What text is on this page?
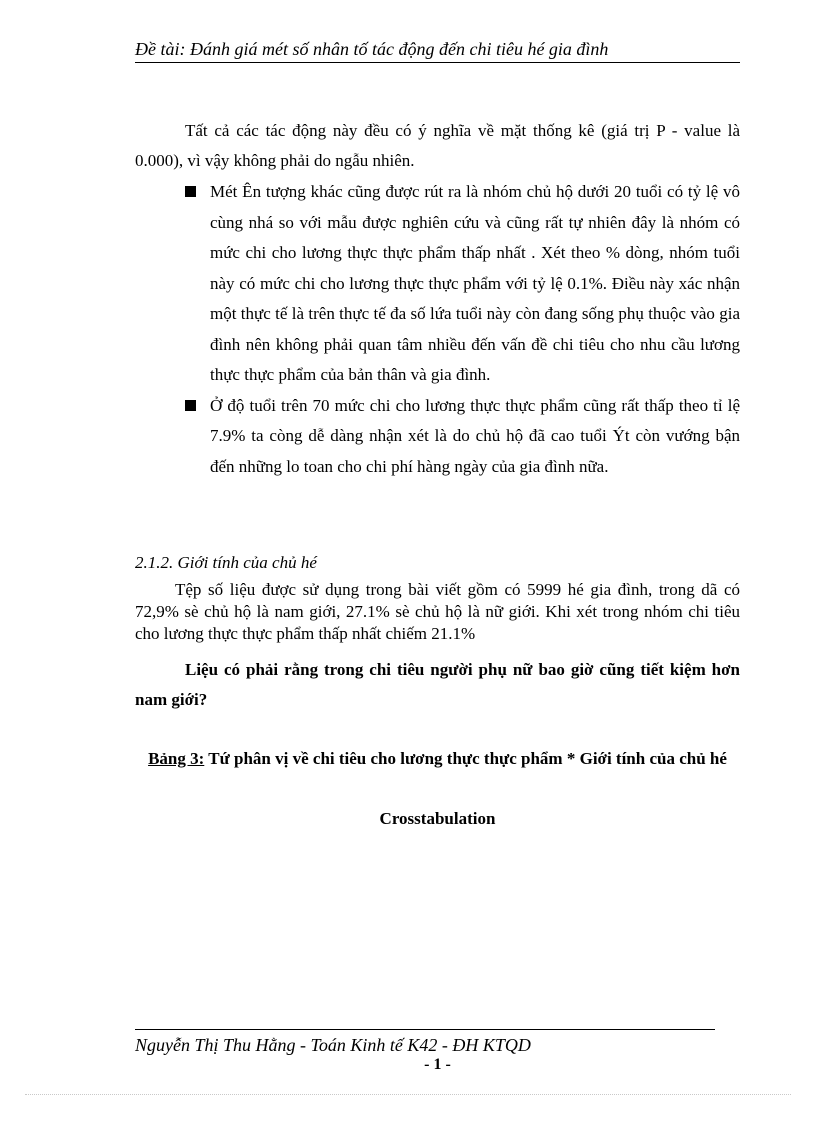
Đề tài: Đánh giá mét số nhân tố tác động đến chi tiêu hé gia đình
Tất cả các tác động này đều có ý nghĩa về mặt thống kê (giá trị P - value là 0.000), vì vậy không phải do ngẫu nhiên.
Mét Ên tượng khác cũng được rút ra là nhóm chủ hộ dưới 20 tuổi có tỷ lệ vô cùng nhá so với mẫu được nghiên cứu và cũng rất tự nhiên đây là nhóm có mức chi cho lương thực thực phẩm thấp nhất . Xét theo % dòng, nhóm tuổi này có mức chi cho lương thực thực phẩm với tỷ lệ 0.1%. Điều này xác nhận một thực tế là trên thực tế đa số lứa tuổi này còn đang sống phụ thuộc vào gia đình nên không phải quan tâm nhiều đến vấn đề chi tiêu cho nhu cầu lương thực thực phẩm của bản thân và gia đình.
Ở độ tuổi trên 70 mức chi cho lương thực thực phẩm cũng rất thấp theo tỉ lệ 7.9% ta còng dễ dàng nhận xét là do chủ hộ đã cao tuổi Ýt còn vướng bận đến những lo toan cho chi phí hàng ngày của gia đình nữa.
2.1.2. Giới tính của chủ hé
Tệp số liệu được sử dụng trong bài viết gồm có 5999 hé gia đình, trong dã có 72,9% sè chủ hộ là nam giới, 27.1% sè chủ hộ là nữ giới. Khi xét trong nhóm chi tiêu cho lương thực thực phẩm thấp nhất chiếm 21.1%
Liệu có phải rằng trong chi tiêu người phụ nữ bao giờ cũng tiết kiệm hơn nam giới?
Bảng 3: Tứ phân vị về chi tiêu cho lương thực thực phẩm * Giới tính của chủ hé
Crosstabulation
Nguyễn Thị Thu Hằng - Toán Kinh tế K42 - ĐH KTQD
- 1 -
